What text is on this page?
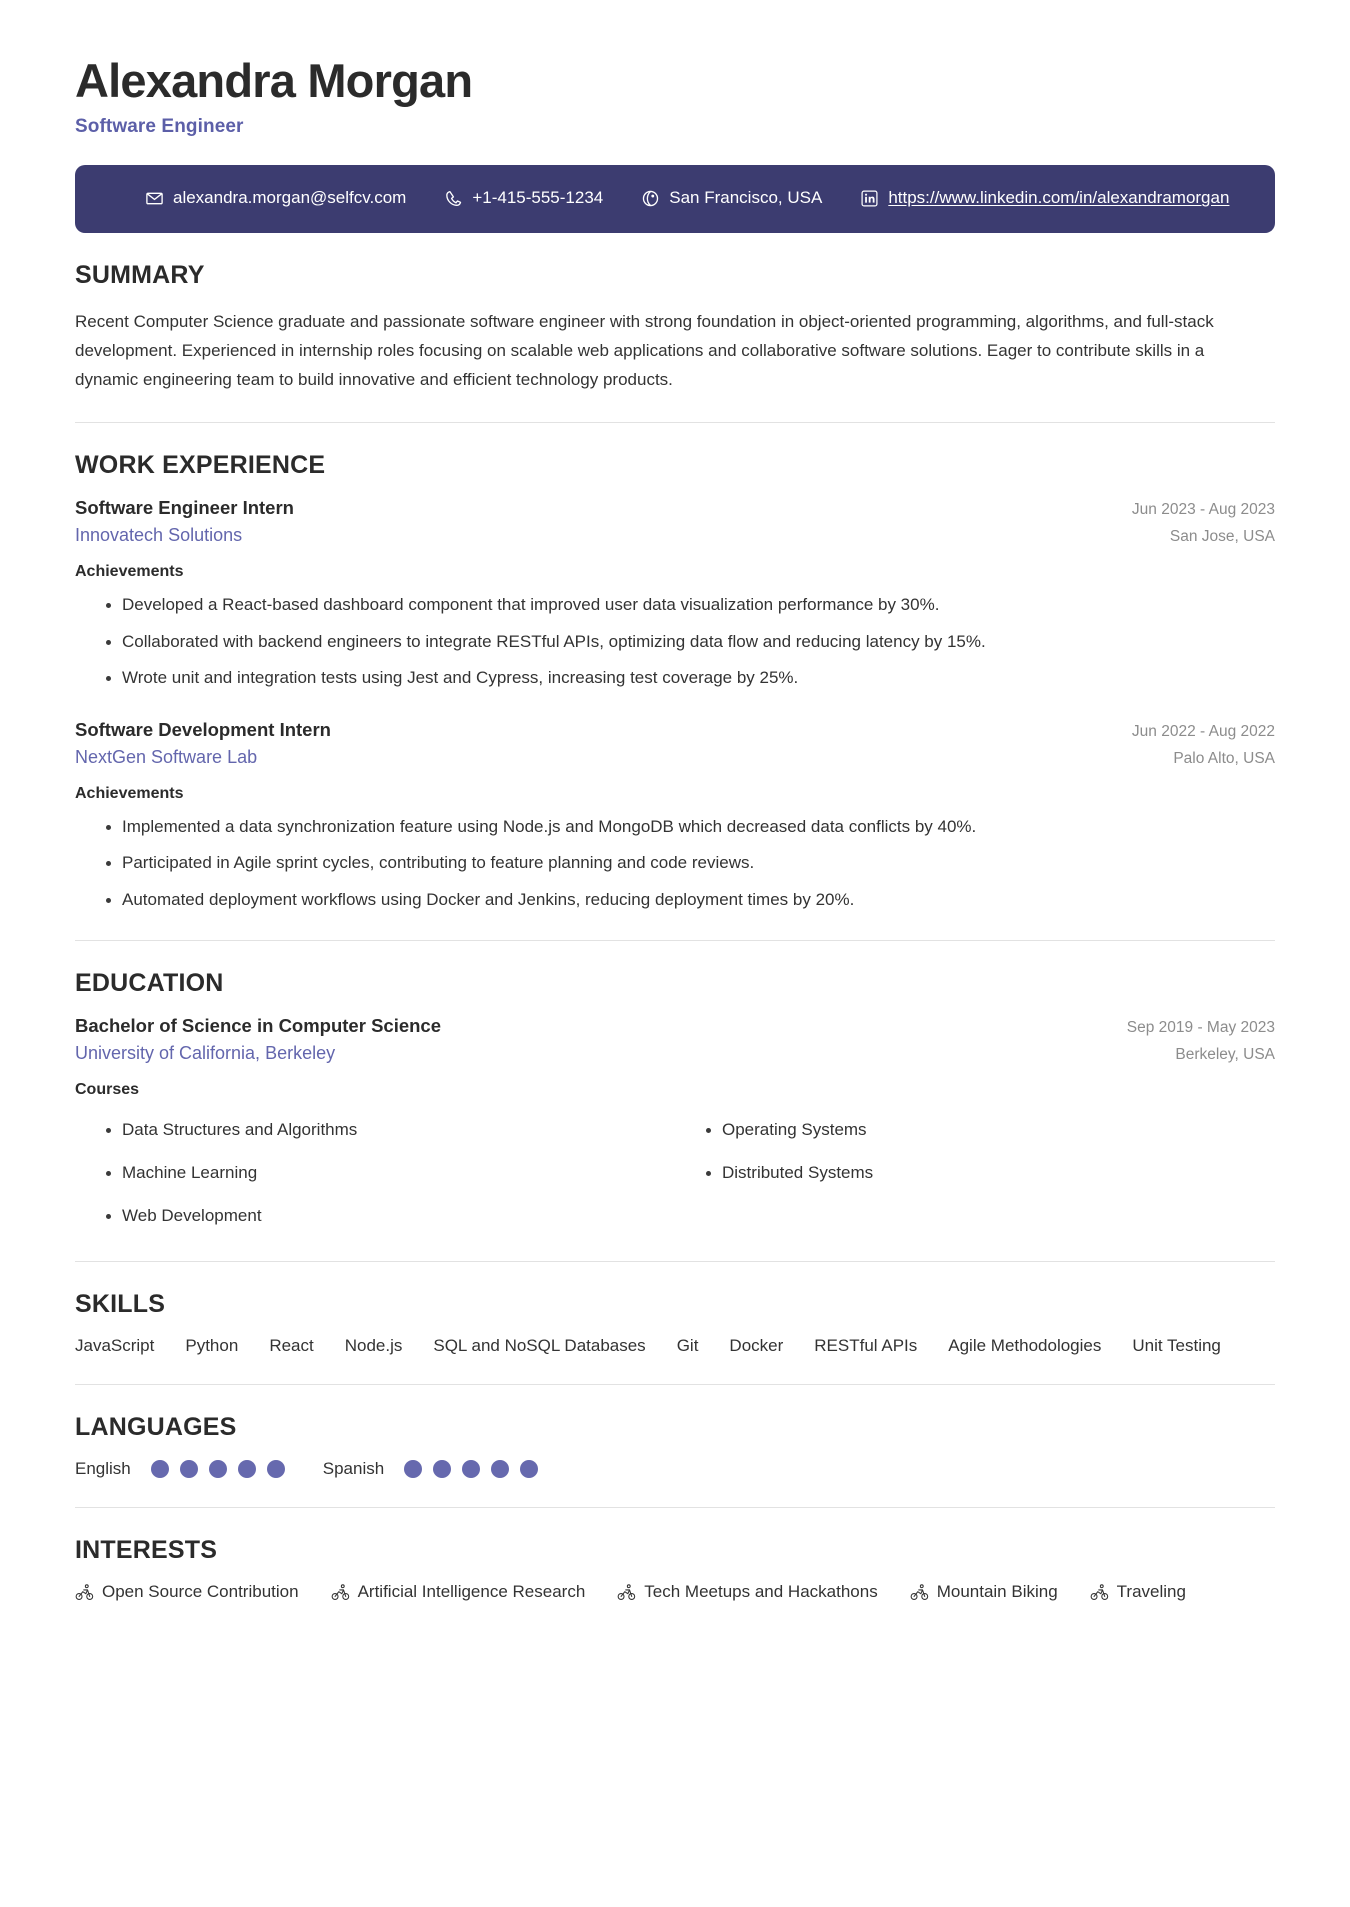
Alexandra Morgan
Software Engineer
alexandra.morgan@selfcv.com	+1-415-555-1234	San Francisco, USA	https://www.linkedin.com/in/alexandramorgan
SUMMARY
Recent Computer Science graduate and passionate software engineer with strong foundation in object-oriented programming, algorithms, and full-stack development. Experienced in internship roles focusing on scalable web applications and collaborative software solutions. Eager to contribute skills in a dynamic engineering team to build innovative and efficient technology products.
WORK EXPERIENCE
Software Engineer Intern	Jun 2023 - Aug 2023
Innovatech Solutions	San Jose, USA
Achievements
Developed a React-based dashboard component that improved user data visualization performance by 30%.
Collaborated with backend engineers to integrate RESTful APIs, optimizing data flow and reducing latency by 15%.
Wrote unit and integration tests using Jest and Cypress, increasing test coverage by 25%.
Software Development Intern	Jun 2022 - Aug 2022
NextGen Software Lab	Palo Alto, USA
Achievements
Implemented a data synchronization feature using Node.js and MongoDB which decreased data conflicts by 40%.
Participated in Agile sprint cycles, contributing to feature planning and code reviews.
Automated deployment workflows using Docker and Jenkins, reducing deployment times by 20%.
EDUCATION
Bachelor of Science in Computer Science	Sep 2019 - May 2023
University of California, Berkeley	Berkeley, USA
Courses
Data Structures and Algorithms
Machine Learning
Web Development
Operating Systems
Distributed Systems
SKILLS
JavaScript Python React Node.js SQL and NoSQL Databases Git Docker RESTful APIs Agile Methodologies Unit Testing
LANGUAGES
English	Spanish
INTERESTS
Open Source Contribution	Artificial Intelligence Research	Tech Meetups and Hackathons	Mountain Biking	Traveling
